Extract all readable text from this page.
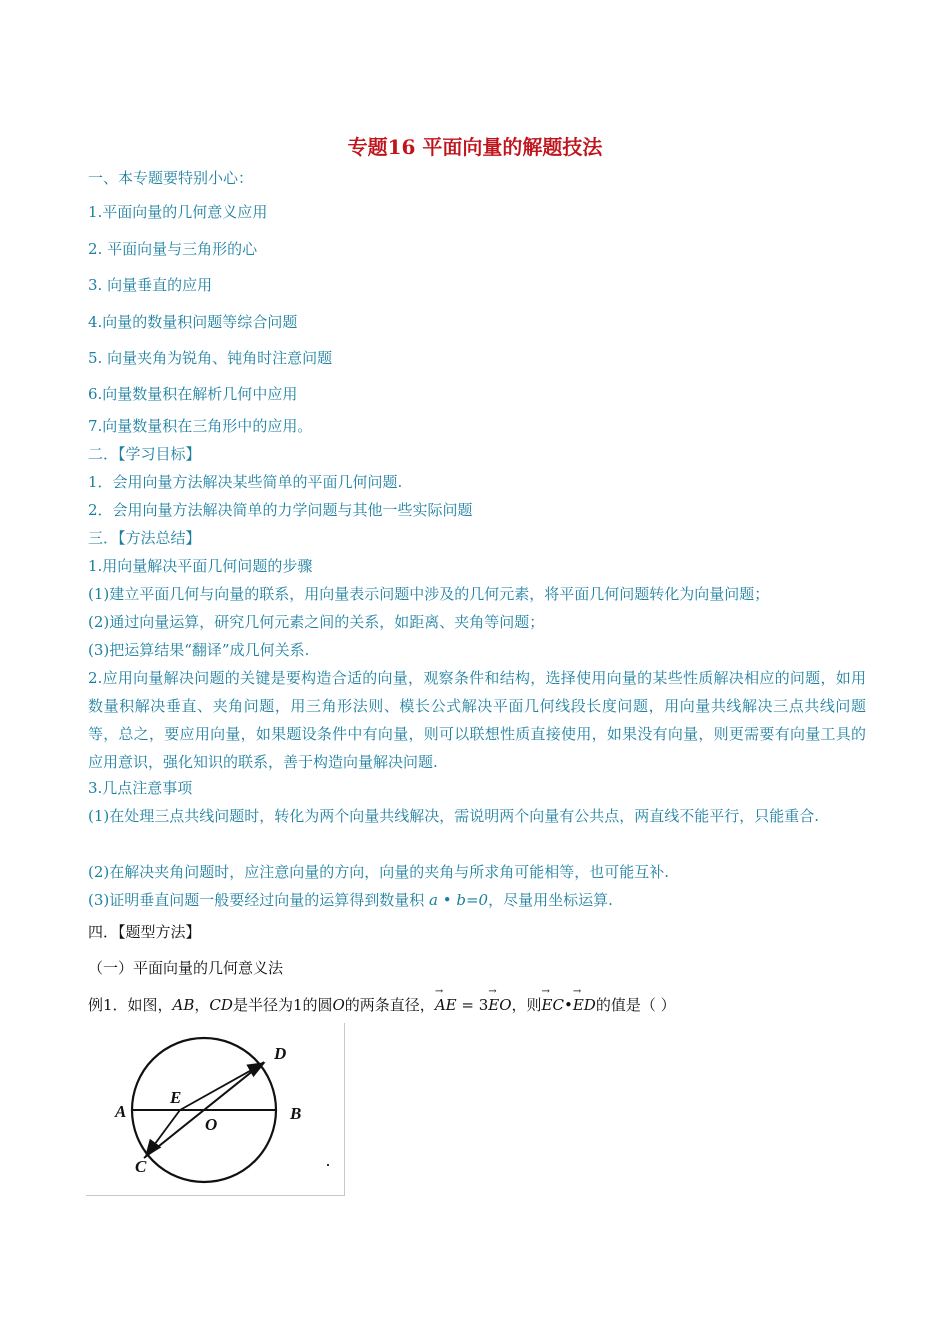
专题16 平面向量的解题技法
一、本专题要特别小心：
1.平面向量的几何意义应用
2. 平面向量与三角形的心
3. 向量垂直的应用
4.向量的数量积问题等综合问题
5. 向量夹角为锐角、钝角时注意问题
6.向量数量积在解析几何中应用
7.向量数量积在三角形中的应用。
二．【学习目标】
1．会用向量方法解决某些简单的平面几何问题.
2．会用向量方法解决简单的力学问题与其他一些实际问题
三．【方法总结】
1.用向量解决平面几何问题的步骤
(1)建立平面几何与向量的联系，用向量表示问题中涉及的几何元素，将平面几何问题转化为向量问题；
(2)通过向量运算，研究几何元素之间的关系，如距离、夹角等问题；
(3)把运算结果“翻译”成几何关系.
2.应用向量解决问题的关键是要构造合适的向量，观察条件和结构，选择使用向量的某些性质解决相应的问题，如用数量积解决垂直、夹角问题，用三角形法则、模长公式解决平面几何线段长度问题，用向量共线解决三点共线问题等，总之，要应用向量，如果题设条件中有向量，则可以联想性质直接使用，如果没有向量，则更需要有向量工具的应用意识，强化知识的联系，善于构造向量解决问题.
3.几点注意事项
(1)在处理三点共线问题时，转化为两个向量共线解决，需说明两个向量有公共点，两直线不能平行，只能重合.
(2)在解决夹角问题时，应注意向量的方向，向量的夹角与所求角可能相等，也可能互补.
(3)证明垂直问题一般要经过向量的运算得到数量积 a • b=0，尽量用坐标运算.
四．【题型方法】
（一）平面向量的几何意义法
例1．如图，AB，CD是半径为1的圆O的两条直径，→ AE = 3→ EO，则→ EC•→ ED的值是（ ）
A	B
C
D
E
O
